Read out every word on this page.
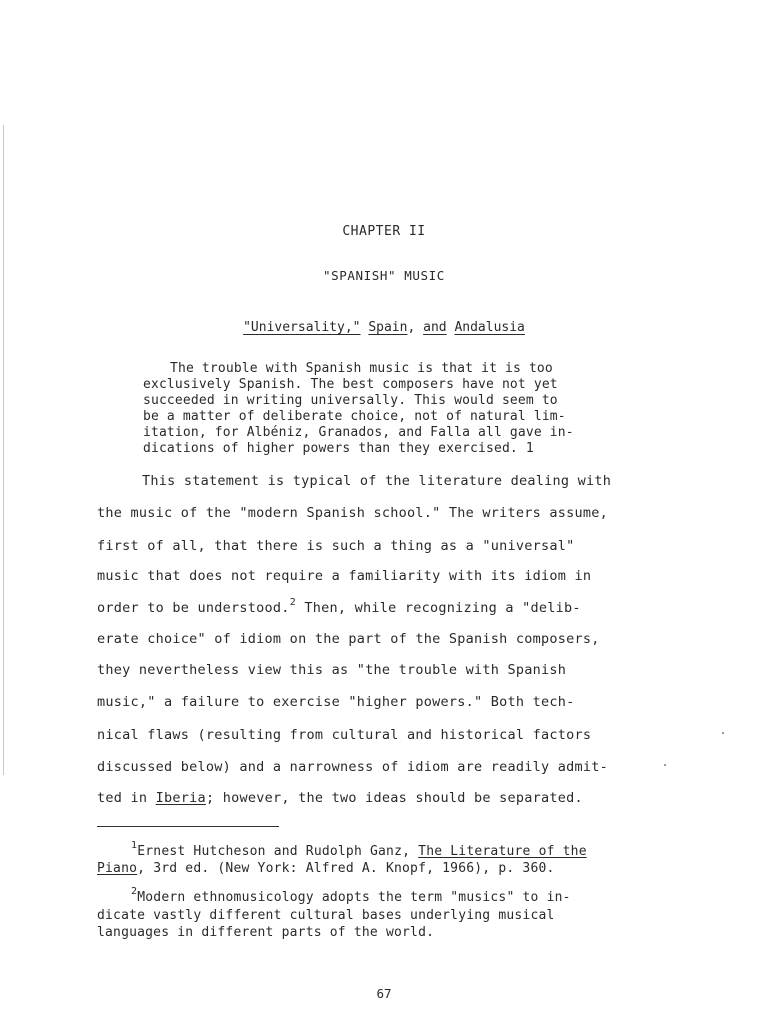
CHAPTER II
"SPANISH" MUSIC
"Universality," Spain, and Andalusia
The trouble with Spanish music is that it is too
exclusively Spanish. The best composers have not yet
succeeded in writing universally. This would seem to
be a matter of deliberate choice, not of natural lim-
itation, for Albéniz, Granados, and Falla all gave in-
dications of higher powers than they exercised. 1
This statement is typical of the literature dealing with
the music of the "modern Spanish school." The writers assume,
first of all, that there is such a thing as a "universal"
music that does not require a familiarity with its idiom in
order to be understood.$^2$ Then, while recognizing a "delib-
erate choice" of idiom on the part of the Spanish composers,
they nevertheless view this as "the trouble with Spanish
music," a failure to exercise "higher powers." Both tech-
nical flaws (resulting from cultural and historical factors
discussed below) and a narrowness of idiom are readily admit-
ted in Iberia; however, the two ideas should be separated.
$^1$Ernest Hutcheson and Rudolph Ganz, The Literature of the
Piano, 3rd ed. (New York: Alfred A. Knopf, 1966), p. 360.
$^2$Modern ethnomusicology adopts the term "musics" to in-
dicate vastly different cultural bases underlying musical
languages in different parts of the world.
67
